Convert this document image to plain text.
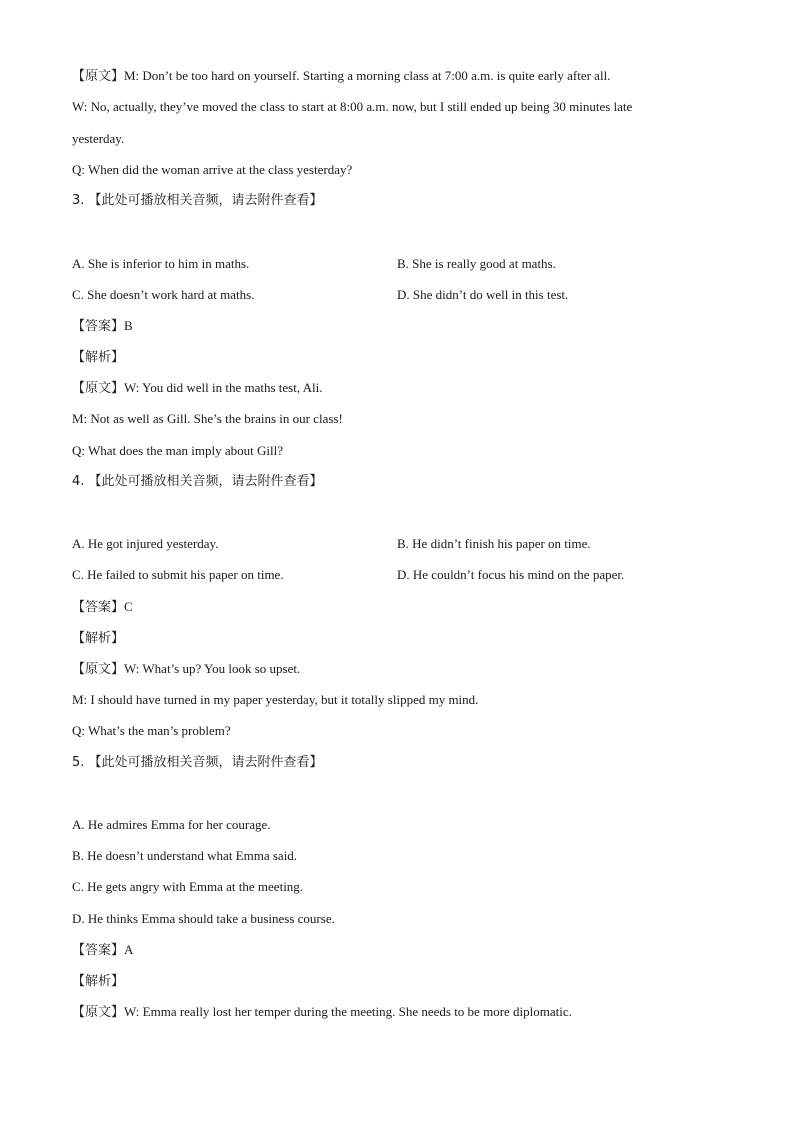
【原文】M: Don’t be too hard on yourself. Starting a morning class at 7:00 a.m. is quite early after all.
W: No, actually, they’ve moved the class to start at 8:00 a.m. now, but I still ended up being 30 minutes late
yesterday.
Q: When did the woman arrive at the class yesterday?
3. 【此处可播放相关音频，请去附件查看】
A. She is inferior to him in maths.	B. She is really good at maths.
C. She doesn’t work hard at maths.	D. She didn’t do well in this test.
【答案】B
【解析】
【原文】W: You did well in the maths test, Ali.
M: Not as well as Gill. She’s the brains in our class!
Q: What does the man imply about Gill?
4. 【此处可播放相关音频，请去附件查看】
A. He got injured yesterday.	B. He didn’t finish his paper on time.
C. He failed to submit his paper on time.	D. He couldn’t focus his mind on the paper.
【答案】C
【解析】
【原文】W: What’s up? You look so upset.
M: I should have turned in my paper yesterday, but it totally slipped my mind.
Q: What’s the man’s problem?
5. 【此处可播放相关音频，请去附件查看】
A. He admires Emma for her courage.
B. He doesn’t understand what Emma said.
C. He gets angry with Emma at the meeting.
D. He thinks Emma should take a business course.
【答案】A
【解析】
【原文】W: Emma really lost her temper during the meeting. She needs to be more diplomatic.
